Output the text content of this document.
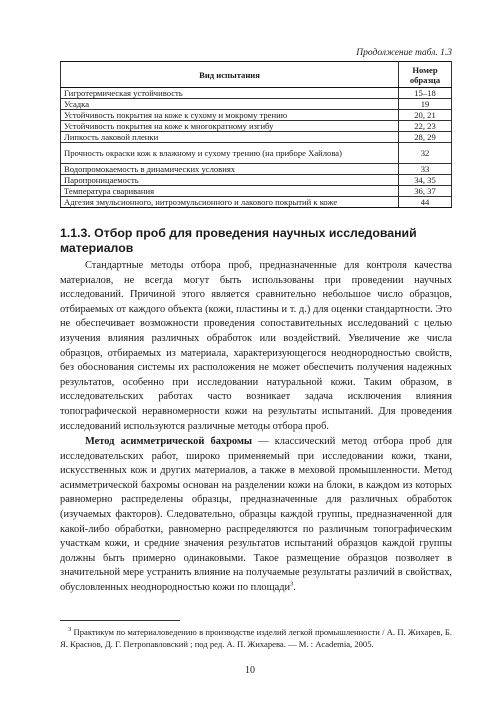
Продолжение табл. 1.3
Вид испытания	Номер образца
Гигротермическая устойчивость	15–18
Усадка	19
Устойчивость покрытия на коже к сухому и мокрому трению	20, 21
Устойчивость покрытия на коже к многократному изгибу	22, 23
Липкость лаковой пленки	28, 29
Прочность окраски кож к влажному и сухому трению (на приборе Хайлова)	32
Водопромокаемость в динамических условиях	33
Паропроницаемость	34, 35
Температура сваривания	36, 37
Адгезия эмульсионного, нитроэмульсионного и лакового покрытий к коже	44
1.1.3. Отбор проб для проведения научных исследований материалов

Стандартные методы отбора проб, предназначенные для контроля качества материалов, не всегда могут быть использованы при проведении научных исследований. Причиной этого является сравнительно небольшое число образцов, отбираемых от каждого объекта (кожи, пластины и т. д.) для оценки стандартности. Это не обеспечивает возможности проведения сопоставительных исследований с целью изучения влияния различных обработок или воздействий. Увеличение же числа образцов, отбираемых из материала, характеризующегося неоднородностью свойств, без обоснования системы их расположения не может обеспечить получения надежных результатов, особенно при исследовании натуральной кожи. Таким образом, в исследовательских работах часто возникает задача исключения влияния топографической неравномерности кожи на результаты испытаний. Для проведения исследований используются различные методы отбора проб.

Метод асимметрической бахромы — классический метод отбора проб для исследовательских работ, широко применяемый при исследовании кожи, ткани, искусственных кож и других материалов, а также в меховой промышленности. Метод асимметрической бахромы основан на разделении кожи на блоки, в каждом из которых равномерно распределены образцы, предназначенные для различных обработок (изучаемых факторов). Следовательно, образцы каждой группы, предназначенной для какой-либо обработки, равномерно распределяются по различным топографическим участкам кожи, и средние значения результатов испытаний образцов каждой группы должны быть примерно одинаковыми. Такое размещение образцов позволяет в значительной мере устранить влияние на получаемые результаты различий в свойствах, обусловленных неоднородностью кожи по площади$^3$.

$^3$ Практикум по материаловедению в производстве изделий легкой промышленности / А. П. Жихарев, Б. Я. Краснов, Д. Г. Петропавловский ; под ред. А. П. Жихарева. — М. : Academia, 2005.

10
